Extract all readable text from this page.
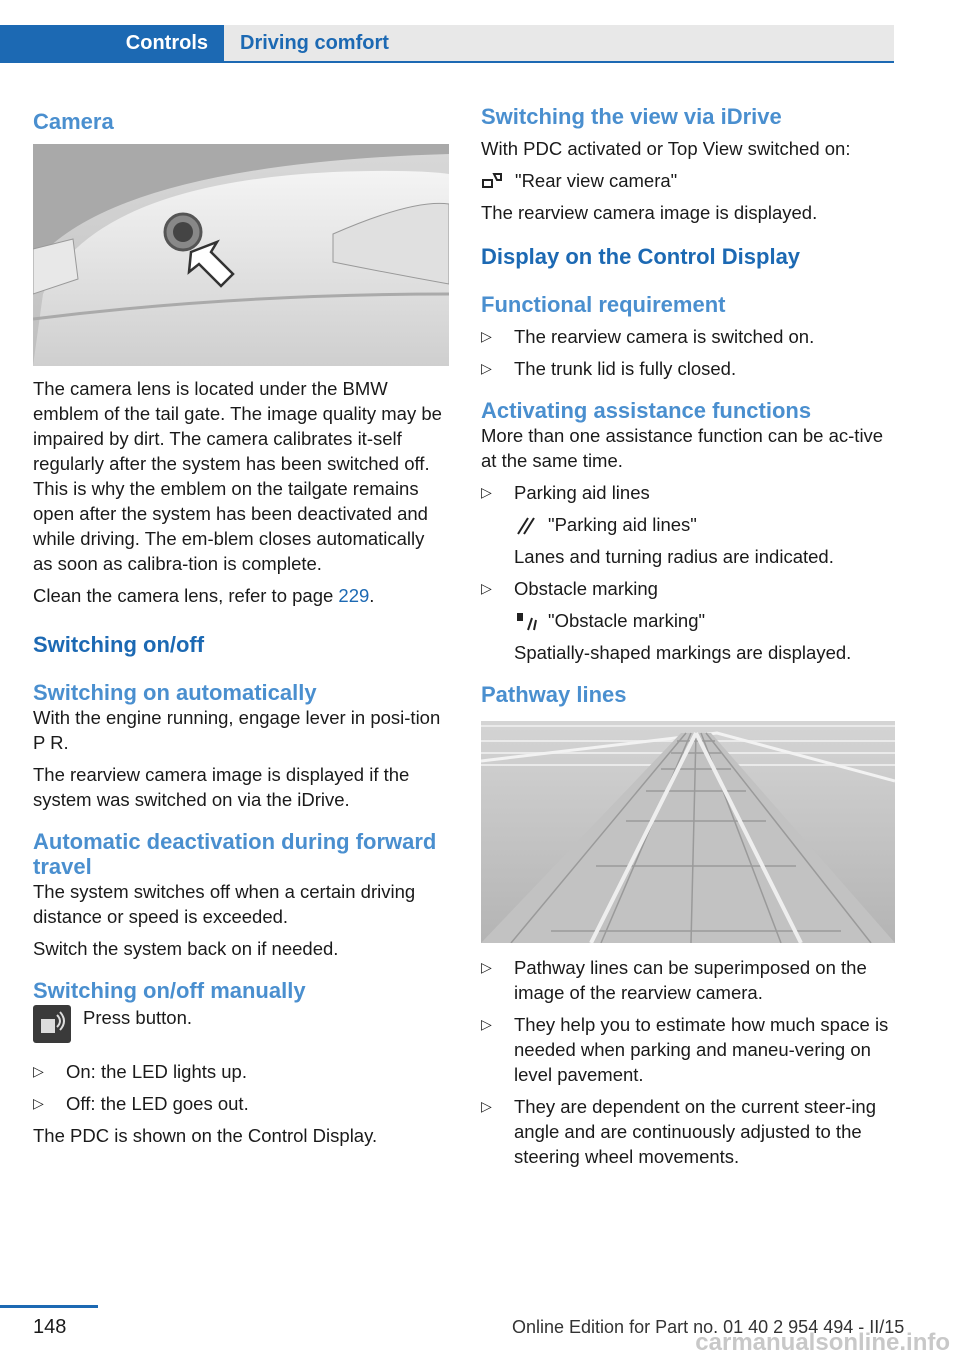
Controls	Driving comfort
Camera

The camera lens is located under the BMW emblem of the tail gate. The image quality may be impaired by dirt. The camera calibrates it-self regularly after the system has been switched off. This is why the emblem on the tailgate remains open after the system has been deactivated and while driving. The em-blem closes automatically as soon as calibra-tion is complete.

Clean the camera lens, refer to page 229.

Switching on/off
Switching on automatically

With the engine running, engage lever in posi-tion P R.

The rearview camera image is displayed if the system was switched on via the iDrive.

Automatic deactivation during forward travel

The system switches off when a certain driving distance or speed is exceeded.

Switch the system back on if needed.

Switching on/off manually

Press button.

▷ On: the LED lights up.
▷ Off: the LED goes out.

The PDC is shown on the Control Display.

Switching the view via iDrive

With PDC activated or Top View switched on:

"Rear view camera"

The rearview camera image is displayed.

Display on the Control Display
Functional requirement
▷ The rearview camera is switched on.
▷ The trunk lid is fully closed.
Activating assistance functions

More than one assistance function can be ac-tive at the same time.

▷ Parking aid lines
"Parking aid lines"
Lanes and turning radius are indicated.
▷ Obstacle marking
"Obstacle marking"
Spatially-shaped markings are displayed.
Pathway lines
▷ Pathway lines can be superimposed on the image of the rearview camera.
▷ They help you to estimate how much space is needed when parking and maneu-vering on level pavement.
▷ They are dependent on the current steer-ing angle and are continuously adjusted to the steering wheel movements.
148	Online Edition for Part no. 01 40 2 954 494 - II/15
carmanualsonline.info
